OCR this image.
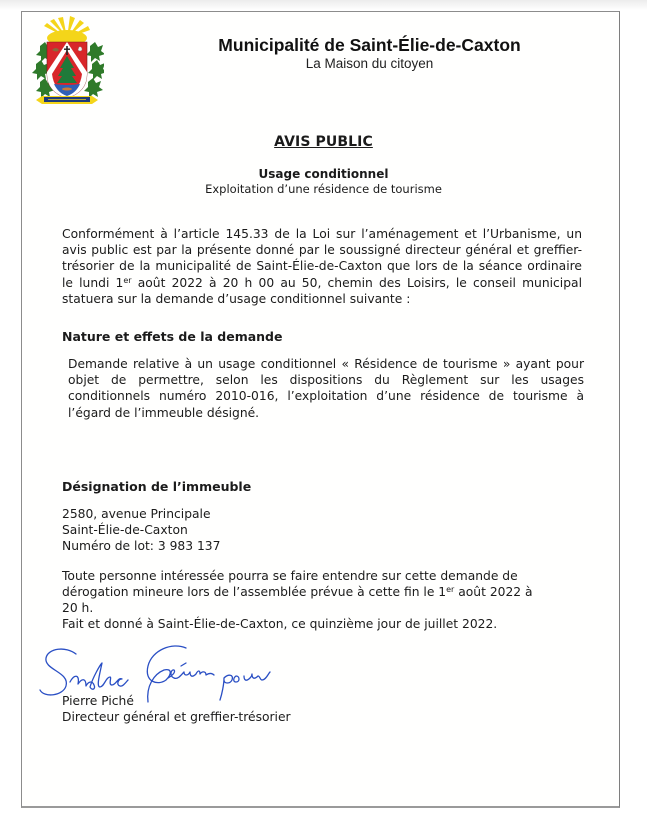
Municipalité de Saint-Élie-de-Caxton
La Maison du citoyen
AVIS PUBLIC
Usage conditionnel
Exploitation d’une résidence de tourisme
Conformément à l’article 145.33 de la Loi sur l’aménagement et l’Urbanisme, un avis public est par la présente donné par le soussigné directeur général et greffier-trésorier de la municipalité de Saint-Élie-de-Caxton que lors de la séance ordinaire le lundi 1er août 2022 à 20 h 00 au 50, chemin des Loisirs, le conseil municipal statuera sur la demande d’usage conditionnel suivante :
Nature et effets de la demande
Demande relative à un usage conditionnel « Résidence de tourisme » ayant pour objet de permettre, selon les dispositions du Règlement sur les usages conditionnels numéro 2010-016, l’exploitation d’une résidence de tourisme à l’égard de l’immeuble désigné.
Désignation de l’immeuble
2580, avenue Principale
Saint-Élie-de-Caxton
Numéro de lot: 3 983 137
Toute personne intéressée pourra se faire entendre sur cette demande de dérogation mineure lors de l’assemblée prévue à cette fin le 1er août 2022 à 20 h.
Fait et donné à Saint-Élie-de-Caxton, ce quinzième jour de juillet 2022.
Pierre Piché
Directeur général et greffier-trésorier
